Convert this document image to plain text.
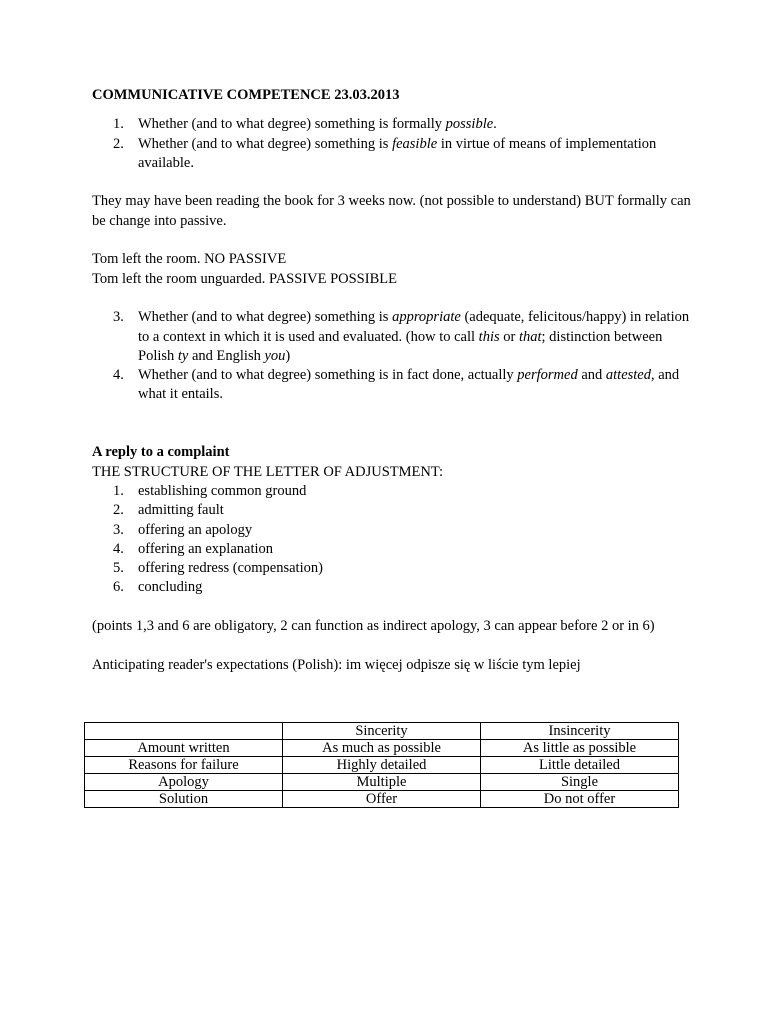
COMMUNICATIVE COMPETENCE 23.03.2013

1. Whether (and to what degree) something is formally possible.
2. Whether (and to what degree) something is feasible in virtue of means of implementation available.

They may have been reading the book for 3 weeks now. (not possible to understand) BUT formally can be change into passive.

Tom left the room. NO PASSIVE

Tom left the room unguarded. PASSIVE POSSIBLE

3. Whether (and to what degree) something is appropriate (adequate, felicitous/happy) in relation to a context in which it is used and evaluated. (how to call this or that; distinction between Polish ty and English you)
4. Whether (and to what degree) something is in fact done, actually performed and attested, and what it entails.

A reply to a complaint

THE STRUCTURE OF THE LETTER OF ADJUSTMENT:

1. establishing common ground
2. admitting fault
3. offering an apology
4. offering an explanation
5. offering redress (compensation)
6. concluding

(points 1,3 and 6 are obligatory, 2 can function as indirect apology, 3 can appear before 2 or in 6)

Anticipating reader's expectations (Polish): im więcej odpisze się w liście tym lepiej

	Sincerity	Insincerity
Amount written	As much as possible	As little as possible
Reasons for failure	Highly detailed	Little detailed
Apology	Multiple	Single
Solution	Offer	Do not offer
